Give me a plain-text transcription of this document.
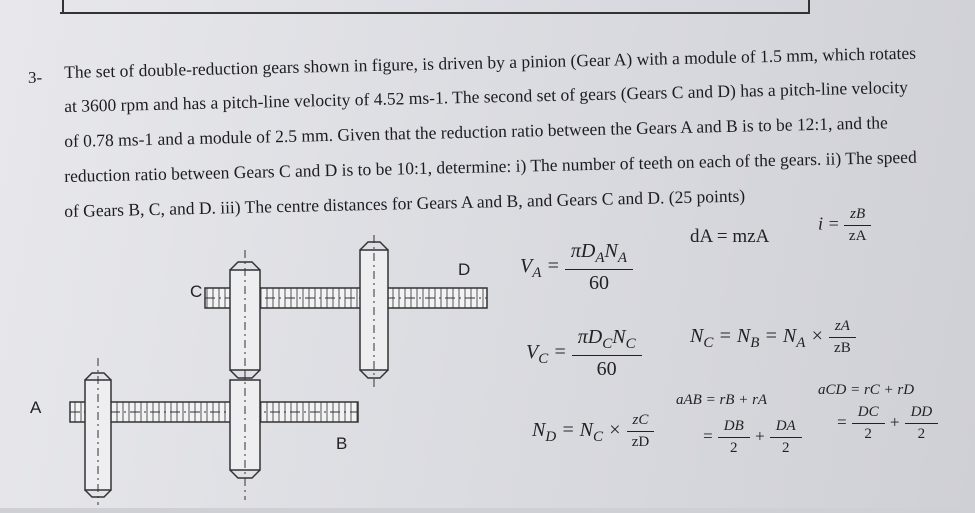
3- The set of double-reduction gears shown in figure, is driven by a pinion (Gear A) with a module of 1.5 mm, which rotates
at 3600 rpm and has a pitch-line velocity of 4.52 ms-1. The second set of gears (Gears C and D) has a pitch-line velocity
of 0.78 ms-1 and a module of 2.5 mm. Given that the reduction ratio between the Gears A and B is to be 12:1, and the
reduction ratio between Gears C and D is to be 10:1, determine: i) The number of teeth on each of the gears. ii) The speed
of Gears B, C, and D. iii) The centre distances for Gears A and B, and Gears C and D. (25 points)
A
B
C
D $V_A = \frac{\pi D_AN_A}{60}$
dA = mzA
$i = \frac{zB}{zA}$
$V_C = \frac{\pi D_CN_C}{60} N_C = N_B = N_A \times \frac{zA}{zB}$
$N_D = N_C \times \frac{zC}{zD}$
aAB = rB + rA
= $\frac{DB}{2} + \frac{DA}{2}$
aCD = rC + rD
= $\frac{DC}{2} + \frac{DD}{2}$
